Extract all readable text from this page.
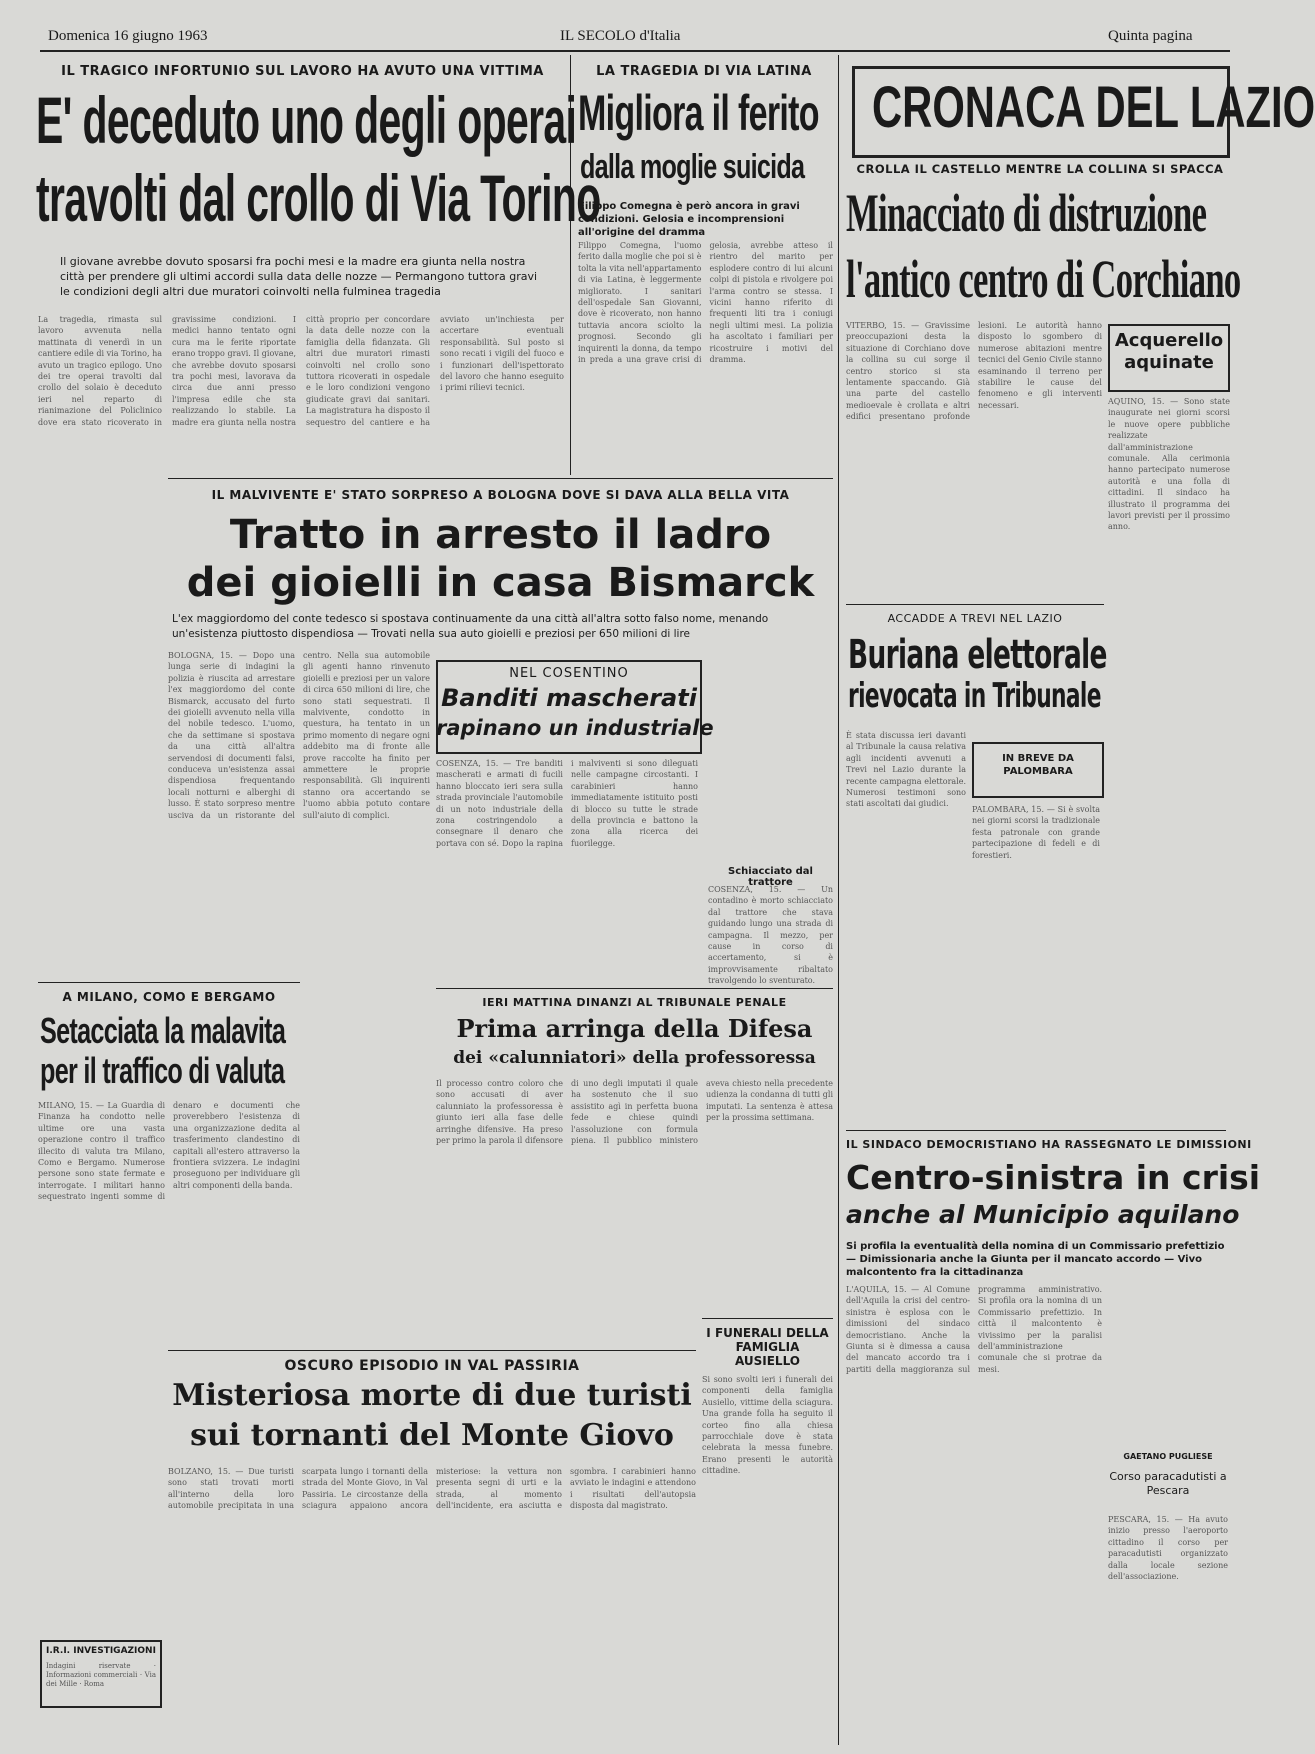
Domenica 16 giugno 1963	IL SECOLO d'Italia	Quinta pagina
IL TRAGICO INFORTUNIO SUL LAVORO HA AVUTO UNA VITTIMA
E' deceduto uno degli operai
travolti dal crollo di Via Torino
Il giovane avrebbe dovuto sposarsi fra pochi mesi e la madre era giunta nella nostra città per prendere gli ultimi accordi sulla data delle nozze — Permangono tuttora gravi le condizioni degli altri due muratori coinvolti nella fulminea tragedia
La tragedia, rimasta sul lavoro avvenuta nella mattinata di venerdì in un cantiere edile di via Torino, ha avuto un tragico epilogo. Uno dei tre operai travolti dal crollo del solaio è deceduto ieri nel reparto di rianimazione del Policlinico dove era stato ricoverato in gravissime condizioni. I medici hanno tentato ogni cura ma le ferite riportate erano troppo gravi. Il giovane, che avrebbe dovuto sposarsi tra pochi mesi, lavorava da circa due anni presso l'impresa edile che sta realizzando lo stabile. La madre era giunta nella nostra città proprio per concordare la data delle nozze con la famiglia della fidanzata. Gli altri due muratori rimasti coinvolti nel crollo sono tuttora ricoverati in ospedale e le loro condizioni vengono giudicate gravi dai sanitari. La magistratura ha disposto il sequestro del cantiere e ha avviato un'inchiesta per accertare eventuali responsabilità. Sul posto si sono recati i vigili del fuoco e i funzionari dell'ispettorato del lavoro che hanno eseguito i primi rilievi tecnici.
LA TRAGEDIA DI VIA LATINA
Migliora il ferito
dalla moglie suicida
Filippo Comegna è però ancora in gravi condizioni. Gelosia e incomprensioni all'origine del dramma
Filippo Comegna, l'uomo ferito dalla moglie che poi si è tolta la vita nell'appartamento di via Latina, è leggermente migliorato. I sanitari dell'ospedale San Giovanni, dove è ricoverato, non hanno tuttavia ancora sciolto la prognosi. Secondo gli inquirenti la donna, da tempo in preda a una grave crisi di gelosia, avrebbe atteso il rientro del marito per esplodere contro di lui alcuni colpi di pistola e rivolgere poi l'arma contro se stessa. I vicini hanno riferito di frequenti liti tra i coniugi negli ultimi mesi. La polizia ha ascoltato i familiari per ricostruire i motivi del dramma.
IL MALVIVENTE E' STATO SORPRESO A BOLOGNA DOVE SI DAVA ALLA BELLA VITA
Tratto in arresto il ladro
dei gioielli in casa Bismarck
L'ex maggiordomo del conte tedesco si spostava continuamente da una città all'altra sotto falso nome, menando un'esistenza piuttosto dispendiosa — Trovati nella sua auto gioielli e preziosi per 650 milioni di lire
BOLOGNA, 15. — Dopo una lunga serie di indagini la polizia è riuscita ad arrestare l'ex maggiordomo del conte Bismarck, accusato del furto dei gioielli avvenuto nella villa del nobile tedesco. L'uomo, che da settimane si spostava da una città all'altra servendosi di documenti falsi, conduceva un'esistenza assai dispendiosa frequentando locali notturni e alberghi di lusso. È stato sorpreso mentre usciva da un ristorante del centro. Nella sua automobile gli agenti hanno rinvenuto gioielli e preziosi per un valore di circa 650 milioni di lire, che sono stati sequestrati. Il malvivente, condotto in questura, ha tentato in un primo momento di negare ogni addebito ma di fronte alle prove raccolte ha finito per ammettere le proprie responsabilità. Gli inquirenti stanno ora accertando se l'uomo abbia potuto contare sull'aiuto di complici.
NEL COSENTINO
Banditi mascherati
rapinano un industriale
COSENZA, 15. — Tre banditi mascherati e armati di fucili hanno bloccato ieri sera sulla strada provinciale l'automobile di un noto industriale della zona costringendolo a consegnare il denaro che portava con sé. Dopo la rapina i malviventi si sono dileguati nelle campagne circostanti. I carabinieri hanno immediatamente istituito posti di blocco su tutte le strade della provincia e battono la zona alla ricerca dei fuorilegge.
Schiacciato dal trattore
COSENZA, 15. — Un contadino è morto schiacciato dal trattore che stava guidando lungo una strada di campagna. Il mezzo, per cause in corso di accertamento, si è improvvisamente ribaltato travolgendo lo sventurato.
A MILANO, COMO E BERGAMO
Setacciata la malavita
per il traffico di valuta
MILANO, 15. — La Guardia di Finanza ha condotto nelle ultime ore una vasta operazione contro il traffico illecito di valuta tra Milano, Como e Bergamo. Numerose persone sono state fermate e interrogate. I militari hanno sequestrato ingenti somme di denaro e documenti che proverebbero l'esistenza di una organizzazione dedita al trasferimento clandestino di capitali all'estero attraverso la frontiera svizzera. Le indagini proseguono per individuare gli altri componenti della banda.
IERI MATTINA DINANZI AL TRIBUNALE PENALE
Prima arringa della Difesa
dei «calunniatori» della professoressa
Il processo contro coloro che sono accusati di aver calunniato la professoressa è giunto ieri alla fase delle arringhe difensive. Ha preso per primo la parola il difensore di uno degli imputati il quale ha sostenuto che il suo assistito agì in perfetta buona fede e chiese quindi l'assoluzione con formula piena. Il pubblico ministero aveva chiesto nella precedente udienza la condanna di tutti gli imputati. La sentenza è attesa per la prossima settimana.
OSCURO EPISODIO IN VAL PASSIRIA
Misteriosa morte di due turisti
sui tornanti del Monte Giovo
BOLZANO, 15. — Due turisti sono stati trovati morti all'interno della loro automobile precipitata in una scarpata lungo i tornanti della strada del Monte Giovo, in Val Passiria. Le circostanze della sciagura appaiono ancora misteriose: la vettura non presenta segni di urti e la strada, al momento dell'incidente, era asciutta e sgombra. I carabinieri hanno avviato le indagini e attendono i risultati dell'autopsia disposta dal magistrato.
I.R.I. INVESTIGAZIONI
Indagini riservate · Informazioni commerciali · Via dei Mille · Roma
I FUNERALI DELLA FAMIGLIA AUSIELLO
Si sono svolti ieri i funerali dei componenti della famiglia Ausiello, vittime della sciagura. Una grande folla ha seguito il corteo fino alla chiesa parrocchiale dove è stata celebrata la messa funebre. Erano presenti le autorità cittadine.
CRONACA DEL LAZIO
CROLLA IL CASTELLO MENTRE LA COLLINA SI SPACCA
Minacciato di distruzione
l'antico centro di Corchiano
VITERBO, 15. — Gravissime preoccupazioni desta la situazione di Corchiano dove la collina su cui sorge il centro storico si sta lentamente spaccando. Già una parte del castello medioevale è crollata e altri edifici presentano profonde lesioni. Le autorità hanno disposto lo sgombero di numerose abitazioni mentre tecnici del Genio Civile stanno esaminando il terreno per stabilire le cause del fenomeno e gli interventi necessari.
Acquerello aquinate
AQUINO, 15. — Sono state inaugurate nei giorni scorsi le nuove opere pubbliche realizzate dall'amministrazione comunale. Alla cerimonia hanno partecipato numerose autorità e una folla di cittadini. Il sindaco ha illustrato il programma dei lavori previsti per il prossimo anno.
ACCADDE A TREVI NEL LAZIO
Buriana elettorale
rievocata in Tribunale
È stata discussa ieri davanti al Tribunale la causa relativa agli incidenti avvenuti a Trevi nel Lazio durante la recente campagna elettorale. Numerosi testimoni sono stati ascoltati dai giudici.
IN BREVE DA PALOMBARA
PALOMBARA, 15. — Si è svolta nei giorni scorsi la tradizionale festa patronale con grande partecipazione di fedeli e di forestieri.
IL SINDACO DEMOCRISTIANO HA RASSEGNATO LE DIMISSIONI
Centro-sinistra in crisi
anche al Municipio aquilano
Si profila la eventualità della nomina di un Commissario prefettizio — Dimissionaria anche la Giunta per il mancato accordo — Vivo malcontento fra la cittadinanza
L'AQUILA, 15. — Al Comune dell'Aquila la crisi del centro-sinistra è esplosa con le dimissioni del sindaco democristiano. Anche la Giunta si è dimessa a causa del mancato accordo tra i partiti della maggioranza sul programma amministrativo. Si profila ora la nomina di un Commissario prefettizio. In città il malcontento è vivissimo per la paralisi dell'amministrazione comunale che si protrae da mesi.
GAETANO PUGLIESE
Corso paracadutisti a Pescara
PESCARA, 15. — Ha avuto inizio presso l'aeroporto cittadino il corso per paracadutisti organizzato dalla locale sezione dell'associazione.
